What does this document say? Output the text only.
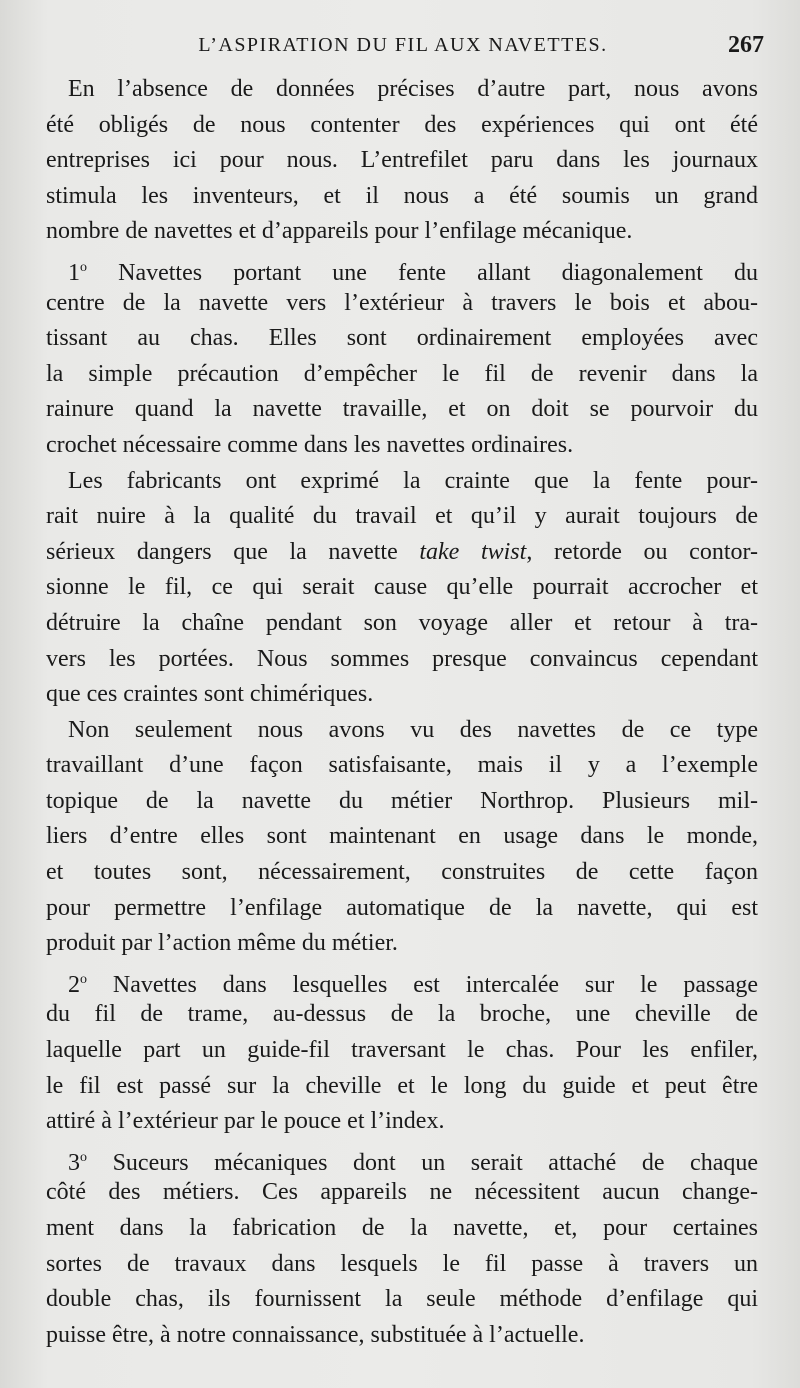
L’ASPIRATION DU FIL AUX NAVETTES.	267
En l’absence de données précises d’autre part, nous avons
été obligés de nous contenter des expériences qui ont été
entreprises ici pour nous. L’entrefilet paru dans les journaux
stimula les inventeurs, et il nous a été soumis un grand
nombre de navettes et d’appareils pour l’enfilage mécanique.
1$^o$ Navettes portant une fente allant diagonalement du
centre de la navette vers l’extérieur à travers le bois et abou-
tissant au chas. Elles sont ordinairement employées avec
la simple précaution d’empêcher le fil de revenir dans la
rainure quand la navette travaille, et on doit se pourvoir du
crochet nécessaire comme dans les navettes ordinaires.
Les fabricants ont exprimé la crainte que la fente pour-
rait nuire à la qualité du travail et qu’il y aurait toujours de
sérieux dangers que la navette take twist, retorde ou contor-
sionne le fil, ce qui serait cause qu’elle pourrait accrocher et
détruire la chaîne pendant son voyage aller et retour à tra-
vers les portées. Nous sommes presque convaincus cependant
que ces craintes sont chimériques.
Non seulement nous avons vu des navettes de ce type
travaillant d’une façon satisfaisante, mais il y a l’exemple
topique de la navette du métier Northrop. Plusieurs mil-
liers d’entre elles sont maintenant en usage dans le monde,
et toutes sont, nécessairement, construites de cette façon
pour permettre l’enfilage automatique de la navette, qui est
produit par l’action même du métier.
2$^o$ Navettes dans lesquelles est intercalée sur le passage
du fil de trame, au-dessus de la broche, une cheville de
laquelle part un guide-fil traversant le chas. Pour les enfiler,
le fil est passé sur la cheville et le long du guide et peut être
attiré à l’extérieur par le pouce et l’index.
3$^o$ Suceurs mécaniques dont un serait attaché de chaque
côté des métiers. Ces appareils ne nécessitent aucun change-
ment dans la fabrication de la navette, et, pour certaines
sortes de travaux dans lesquels le fil passe à travers un
double chas, ils fournissent la seule méthode d’enfilage qui
puisse être, à notre connaissance, substituée à l’actuelle.
